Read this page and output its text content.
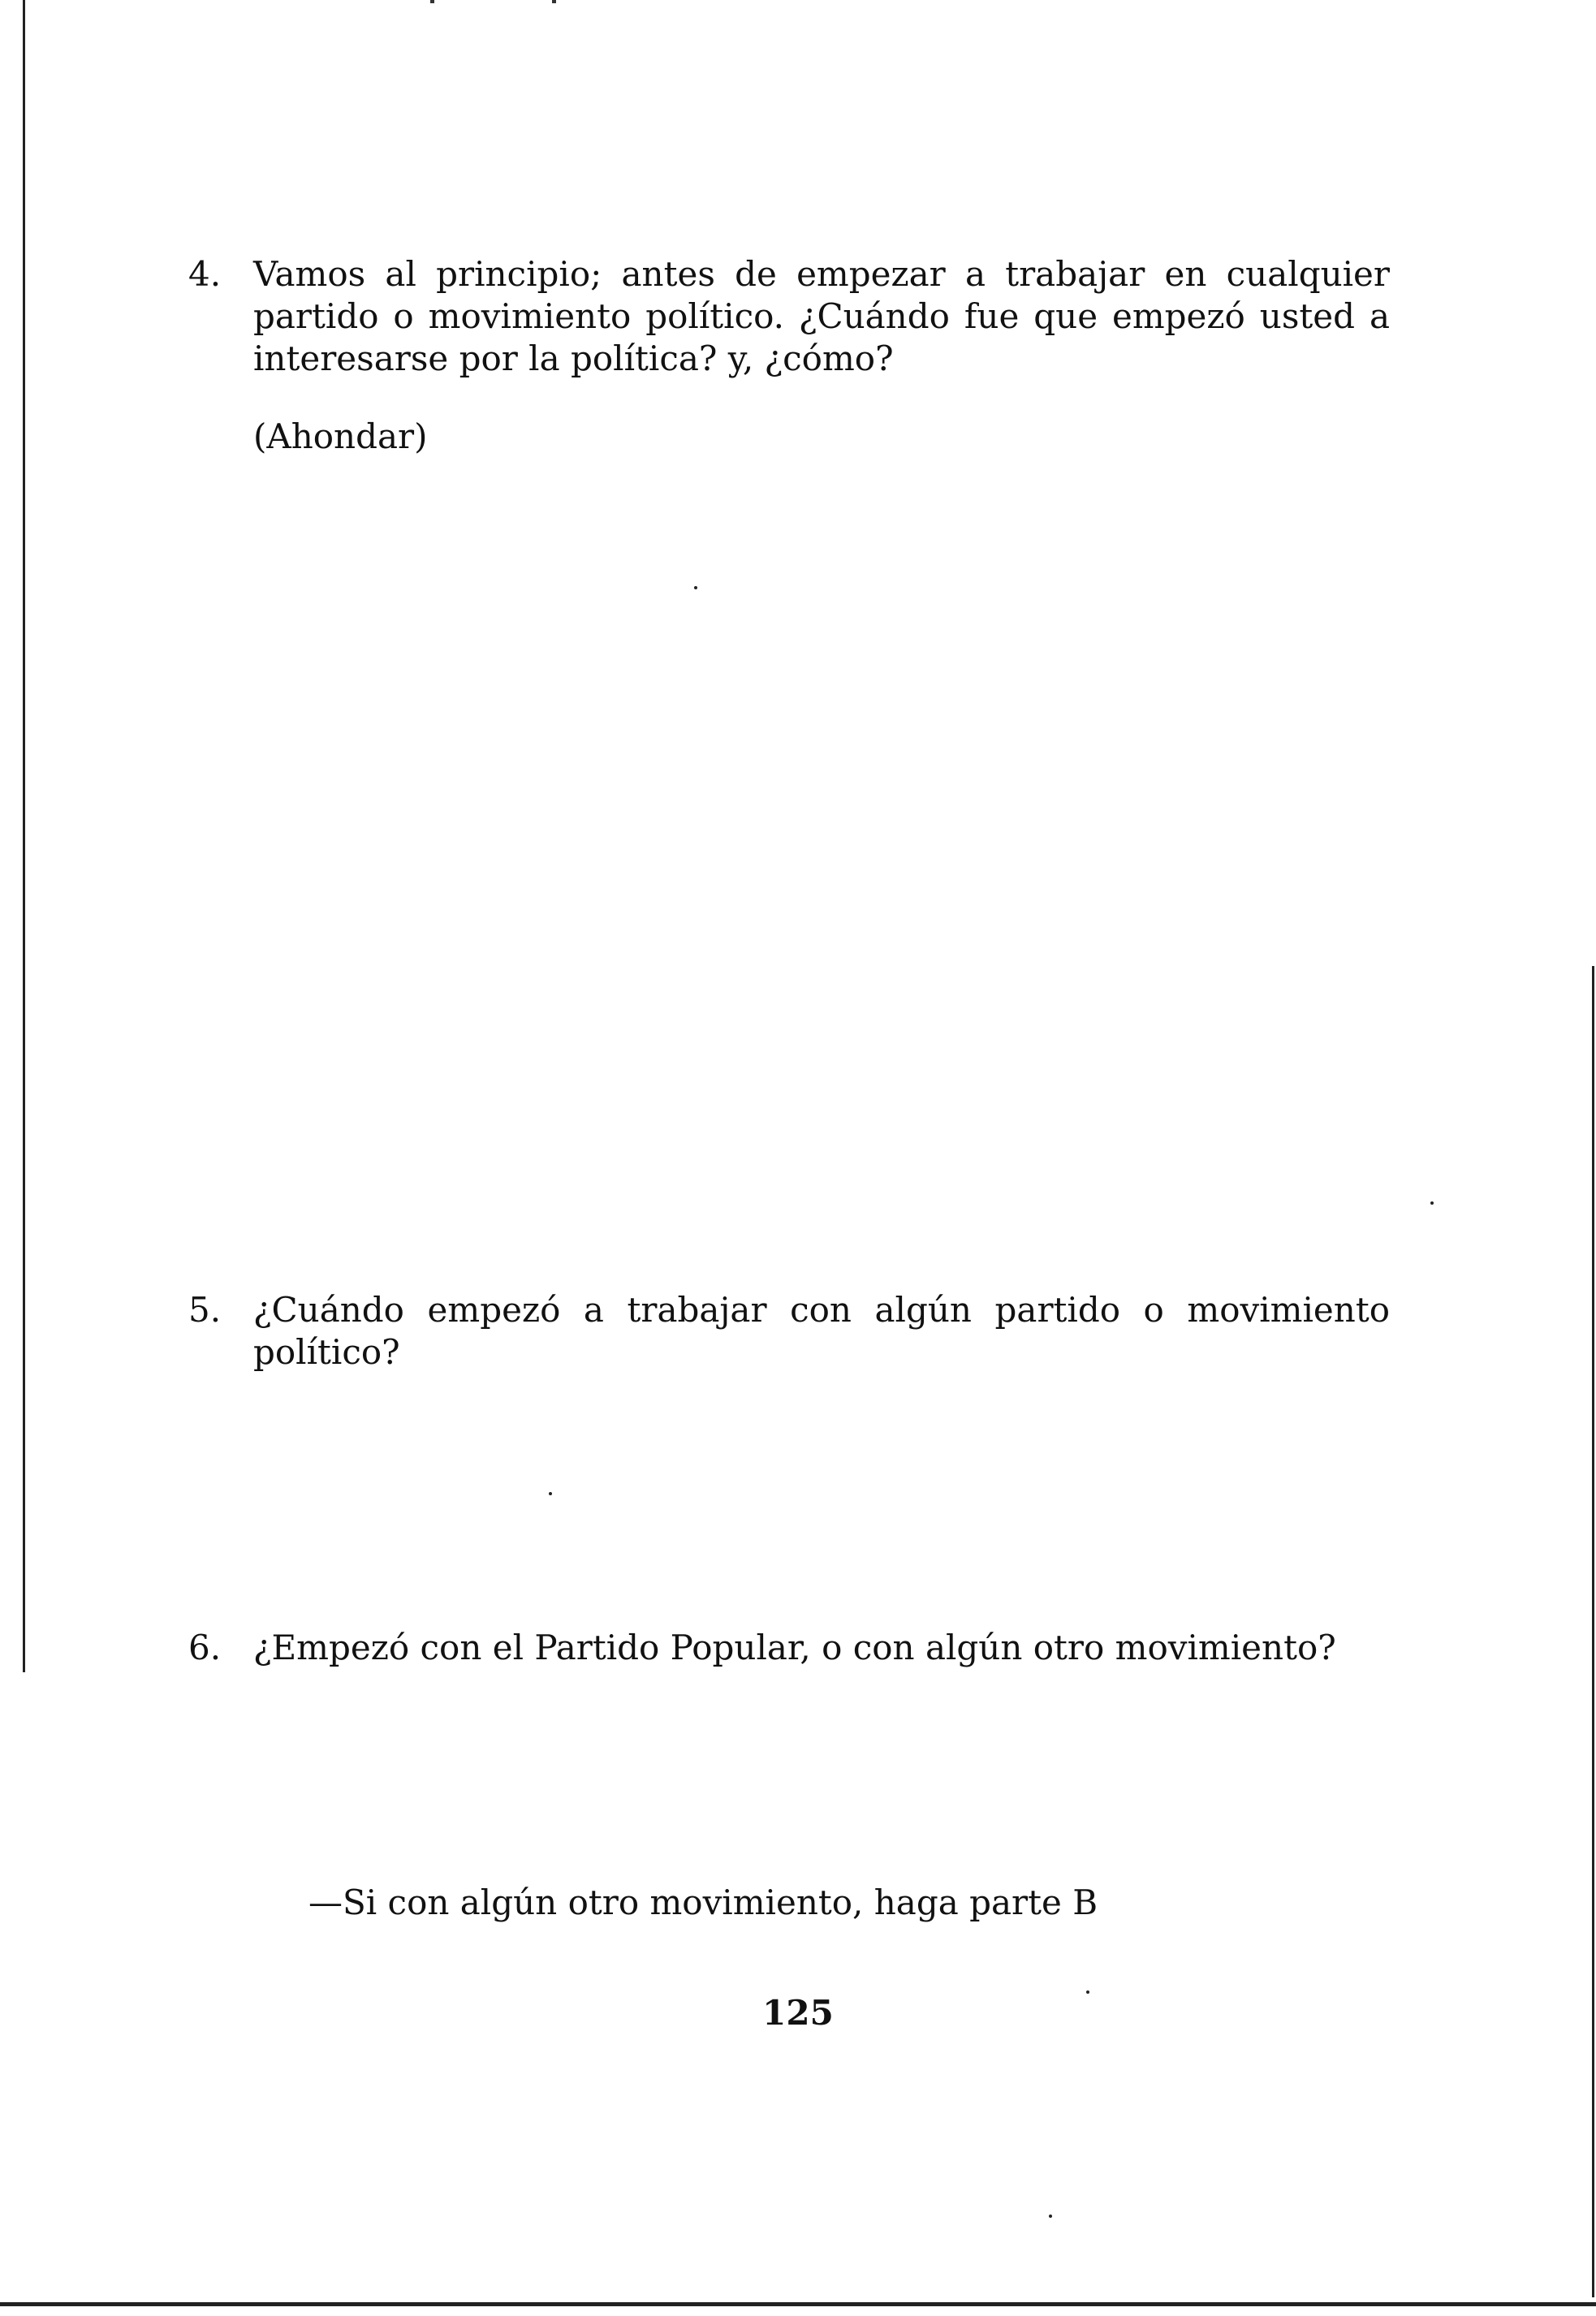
4. Vamos al principio; antes de empezar a trabajar en cualquier partido o movimiento político. ¿Cuándo fue que empezó usted a interesarse por la política? y, ¿cómo?
(Ahondar)
5. ¿Cuándo empezó a trabajar con algún partido o movimiento político?
6. ¿Empezó con el Partido Popular, o con algún otro movimiento?
—Si con algún otro movimiento, haga parte B
125
